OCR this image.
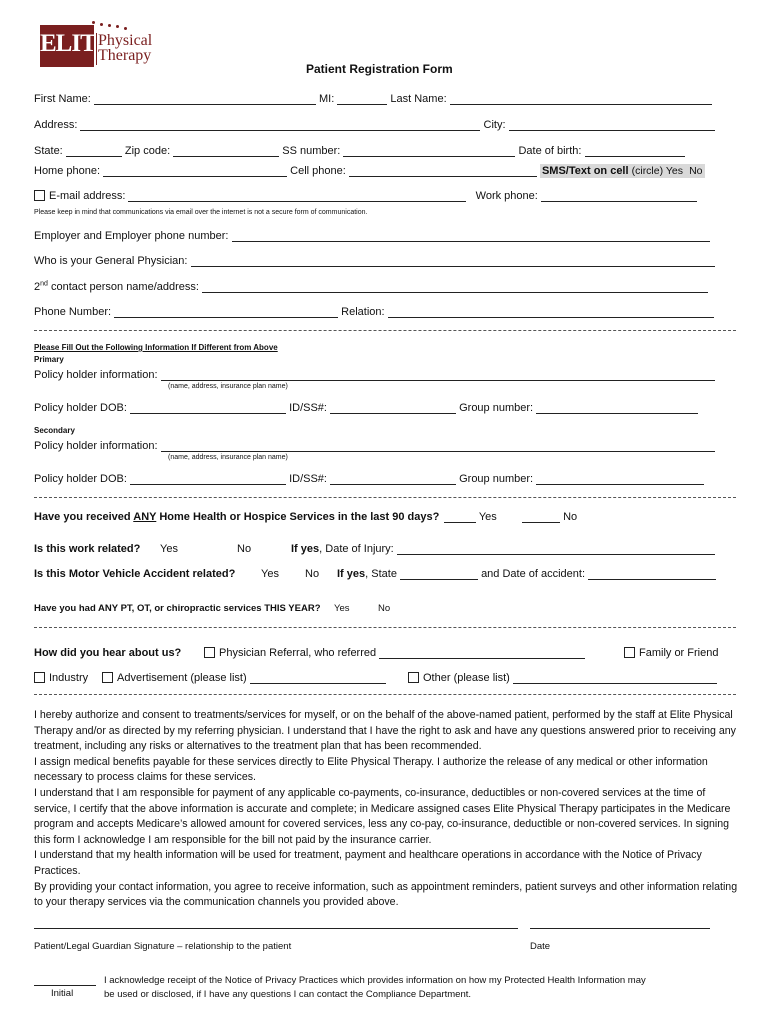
ELITE
Physical
Therapy
Patient Registration Form
First Name:	MI:	Last Name:
Address:	City:
State:	Zip code:	SS number:	Date of birth:
Home phone:	Cell phone:	SMS/Text on cell (circle) Yes No
E-mail address:	Work phone:
Please keep in mind that communications via email over the internet is not a secure form of communication.
Employer and Employer phone number:
Who is your General Physician:
2nd contact person name/address:
Phone Number:	Relation:
Please Fill Out the Following Information If Different from Above
Primary
Policy holder information:
(name, address, insurance plan name)
Policy holder DOB:	ID/SS#:	Group number:
Secondary
Policy holder information:
(name, address, insurance plan name)
Policy holder DOB:	ID/SS#:	Group number:
Have you received ANY Home Health or Hospice Services in the last 90 days?	Yes	No
Is this work related? Yes	No	If yes, Date of Injury:
Is this Motor Vehicle Accident related? Yes No If yes, State	and Date of accident:
Have you had ANY PT, OT, or chiropractic services THIS YEAR? Yes	No
How did you hear about us?	Physician Referral, who referred	Family or Friend
Industry	Advertisement (please list)	Other (please list)

I hereby authorize and consent to treatments/services for myself, or on the behalf of the above-named patient, performed by the staff at Elite Physical Therapy and/or as directed by my referring physician. I understand that I have the right to ask and have any questions answered prior to receiving any treatment, including any risks or alternatives to the treatment plan that has been recommended.

I assign medical benefits payable for these services directly to Elite Physical Therapy. I authorize the release of any medical or other information necessary to process claims for these services.

I understand that I am responsible for payment of any applicable co-payments, co-insurance, deductibles or non-covered services at the time of service, I certify that the above information is accurate and complete; in Medicare assigned cases Elite Physical Therapy participates in the Medicare program and accepts Medicare’s allowed amount for covered services, less any co-pay, co-insurance, deductible or non-covered services. In signing this form I acknowledge I am responsible for the bill not paid by the insurance carrier.

I understand that my health information will be used for treatment, payment and healthcare operations in accordance with the Notice of Privacy Practices.

By providing your contact information, you agree to receive information, such as appointment reminders, patient surveys and other information relating to your therapy services via the communication channels you provided above.

Patient/Legal Guardian Signature – relationship to the patient	Date
Initial
I acknowledge receipt of the Notice of Privacy Practices which provides information on how my Protected Health Information may
be used or disclosed, if I have any questions I can contact the Compliance Department.
